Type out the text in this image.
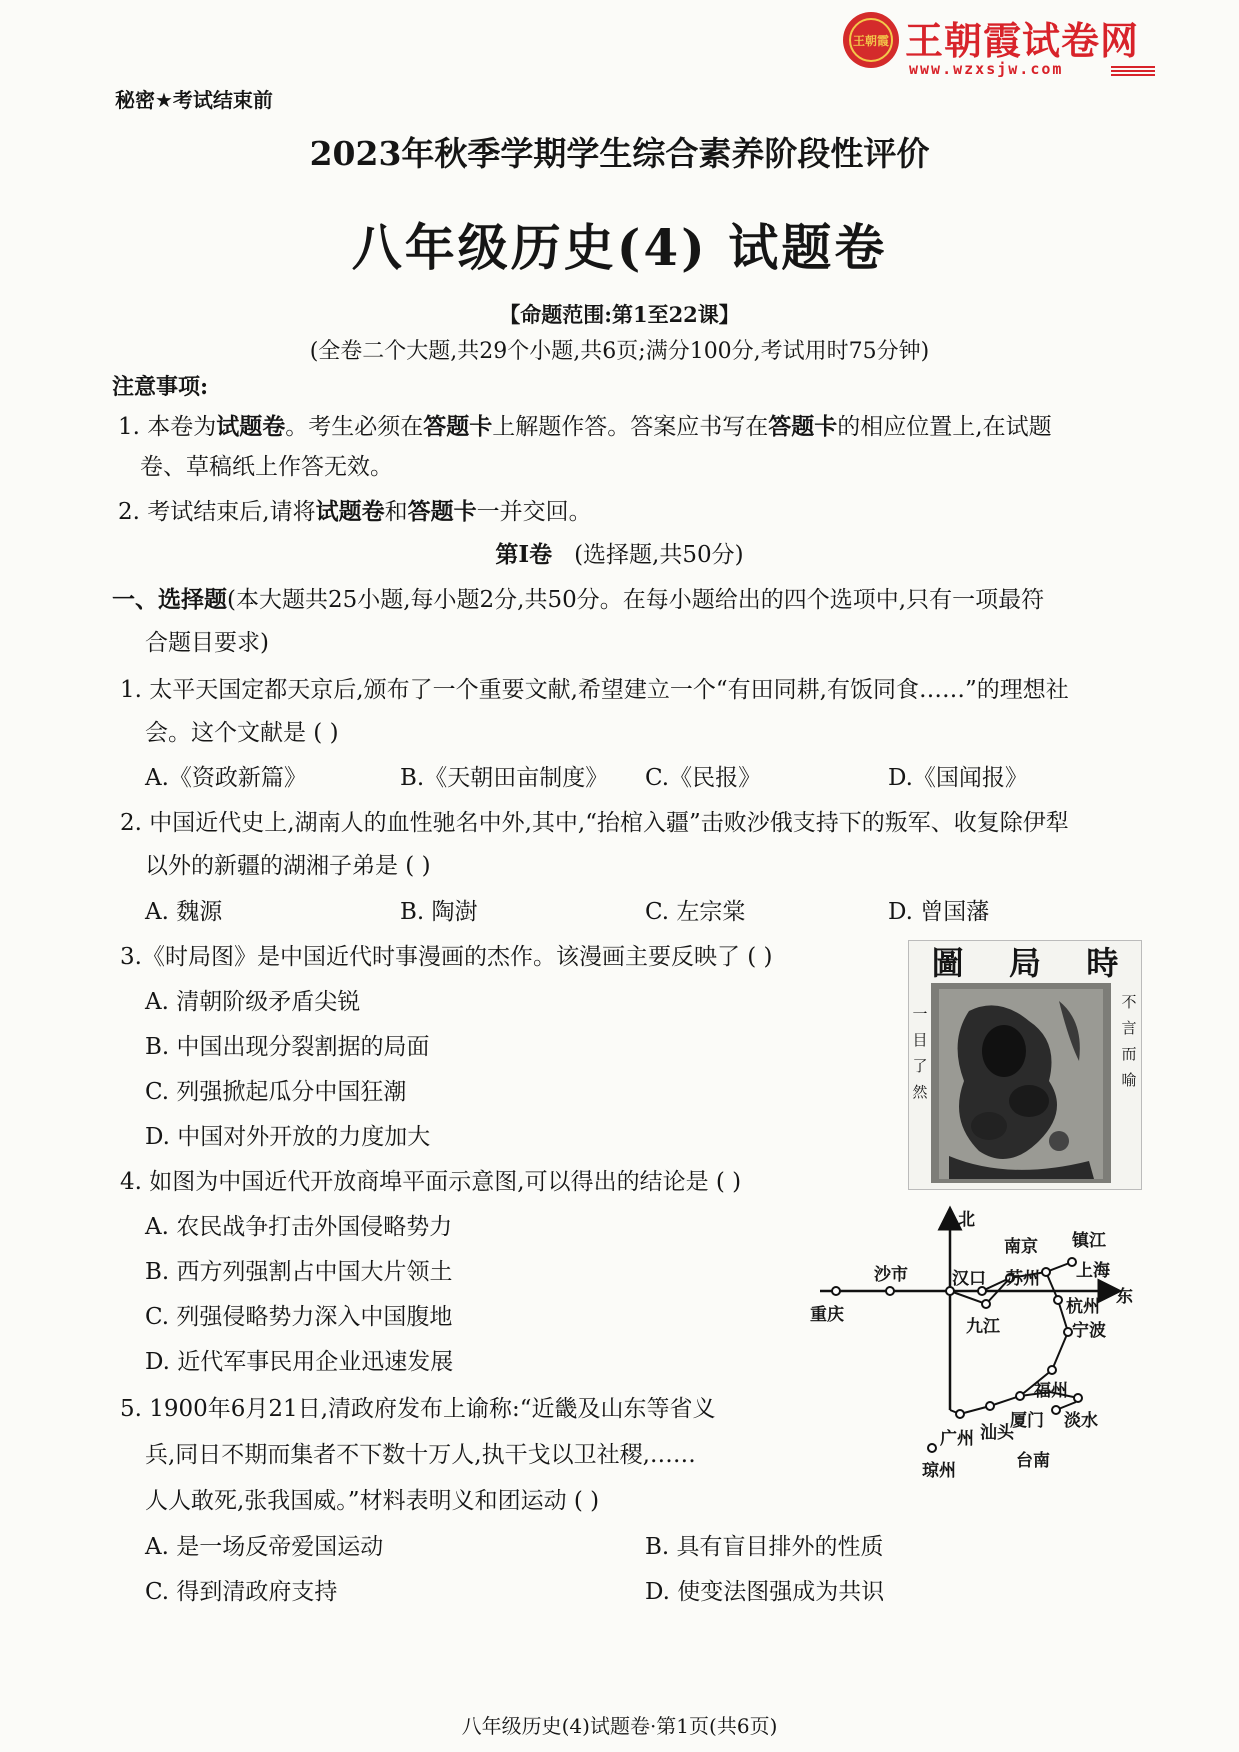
王朝霞 王朝霞试卷网
www.wzxsjw.com
秘密★考试结束前
2023年秋季学期学生综合素养阶段性评价
八年级历史(4) 试题卷
【命题范围:第1至22课】
(全卷二个大题,共29个小题,共6页;满分100分,考试用时75分钟)
注意事项:
1. 本卷为试题卷。考生必须在答题卡上解题作答。答案应书写在答题卡的相应位置上,在试题
卷、草稿纸上作答无效。
2. 考试结束后,请将试题卷和答题卡一并交回。
第Ⅰ卷 (选择题,共50分)
一、选择题(本大题共25小题,每小题2分,共50分。在每小题给出的四个选项中,只有一项最符
合题目要求)
1. 太平天国定都天京后,颁布了一个重要文献,希望建立一个“有田同耕,有饭同食……”的理想社
会。这个文献是 ( )
A.《资政新篇》	B.《天朝田亩制度》 C.《民报》	D.《国闻报》
2. 中国近代史上,湖南人的血性驰名中外,其中,“抬棺入疆”击败沙俄支持下的叛军、收复除伊犁
以外的新疆的湖湘子弟是 ( )
A. 魏源	B. 陶澍	C. 左宗棠	D. 曾国藩
3.《时局图》是中国近代时事漫画的杰作。该漫画主要反映了 ( )
A. 清朝阶级矛盾尖锐
B. 中国出现分裂割据的局面
C. 列强掀起瓜分中国狂潮
D. 中国对外开放的力度加大
圖 局 時
不言而喻
一目了然
4. 如图为中国近代开放商埠平面示意图,可以得出的结论是 ( )
A. 农民战争打击外国侵略势力
B. 西方列强割占中国大片领土
C. 列强侵略势力深入中国腹地
D. 近代军事民用企业迅速发展
北
东
重庆
沙市	汉口
九江
南京 镇江
上海
苏州
杭州
宁波
福州
厦门 淡水
汕头
广州
台南
琼州
5. 1900年6月21日,清政府发布上谕称:“近畿及山东等省义
兵,同日不期而集者不下数十万人,执干戈以卫社稷,……
人人敢死,张我国威。”材料表明义和团运动 ( )
A. 是一场反帝爱国运动	B. 具有盲目排外的性质
C. 得到清政府支持	D. 使变法图强成为共识
八年级历史(4)试题卷·第1页(共6页)
